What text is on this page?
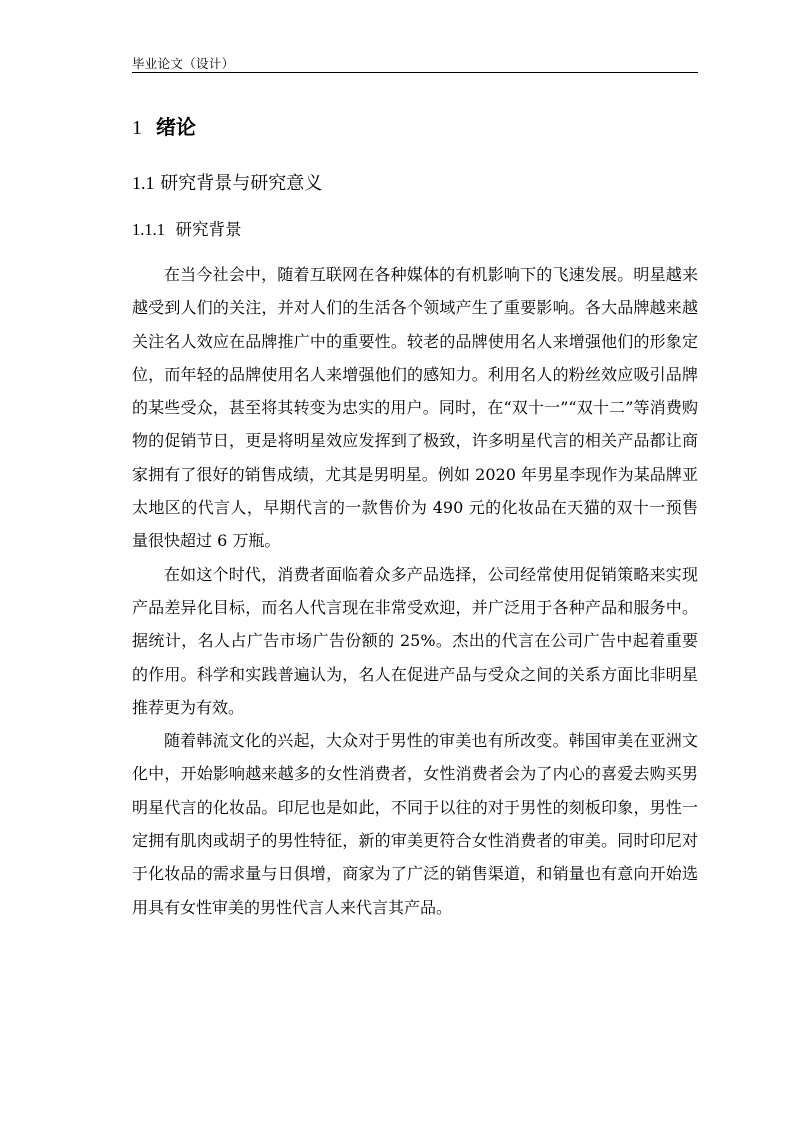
毕业论文（设计）
1 绪论
1.1 研究背景与研究意义
1.1.1 研究背景

在当今社会中，随着互联网在各种媒体的有机影响下的飞速发展。明星越来越受到人们的关注，并对人们的生活各个领域产生了重要影响。各大品牌越来越关注名人效应在品牌推广中的重要性。较老的品牌使用名人来增强他们的形象定位，而年轻的品牌使用名人来增强他们的感知力。利用名人的粉丝效应吸引品牌的某些受众，甚至将其转变为忠实的用户。同时，在“双十一”“双十二”等消费购物的促销节日，更是将明星效应发挥到了极致，许多明星代言的相关产品都让商家拥有了很好的销售成绩，尤其是男明星。例如 2020 年男星李现作为某品牌亚太地区的代言人，早期代言的一款售价为 490 元的化妆品在天猫的双十一预售量很快超过 6 万瓶。

在如这个时代，消费者面临着众多产品选择，公司经常使用促销策略来实现产品差异化目标，而名人代言现在非常受欢迎，并广泛用于各种产品和服务中。据统计，名人占广告市场广告份额的 25%。杰出的代言在公司广告中起着重要的作用。科学和实践普遍认为，名人在促进产品与受众之间的关系方面比非明星推荐更为有效。

随着韩流文化的兴起，大众对于男性的审美也有所改变。韩国审美在亚洲文化中，开始影响越来越多的女性消费者，女性消费者会为了内心的喜爱去购买男明星代言的化妆品。印尼也是如此，不同于以往的对于男性的刻板印象，男性一定拥有肌肉或胡子的男性特征，新的审美更符合女性消费者的审美。同时印尼对于化妆品的需求量与日俱增，商家为了广泛的销售渠道，和销量也有意向开始选用具有女性审美的男性代言人来代言其产品。
